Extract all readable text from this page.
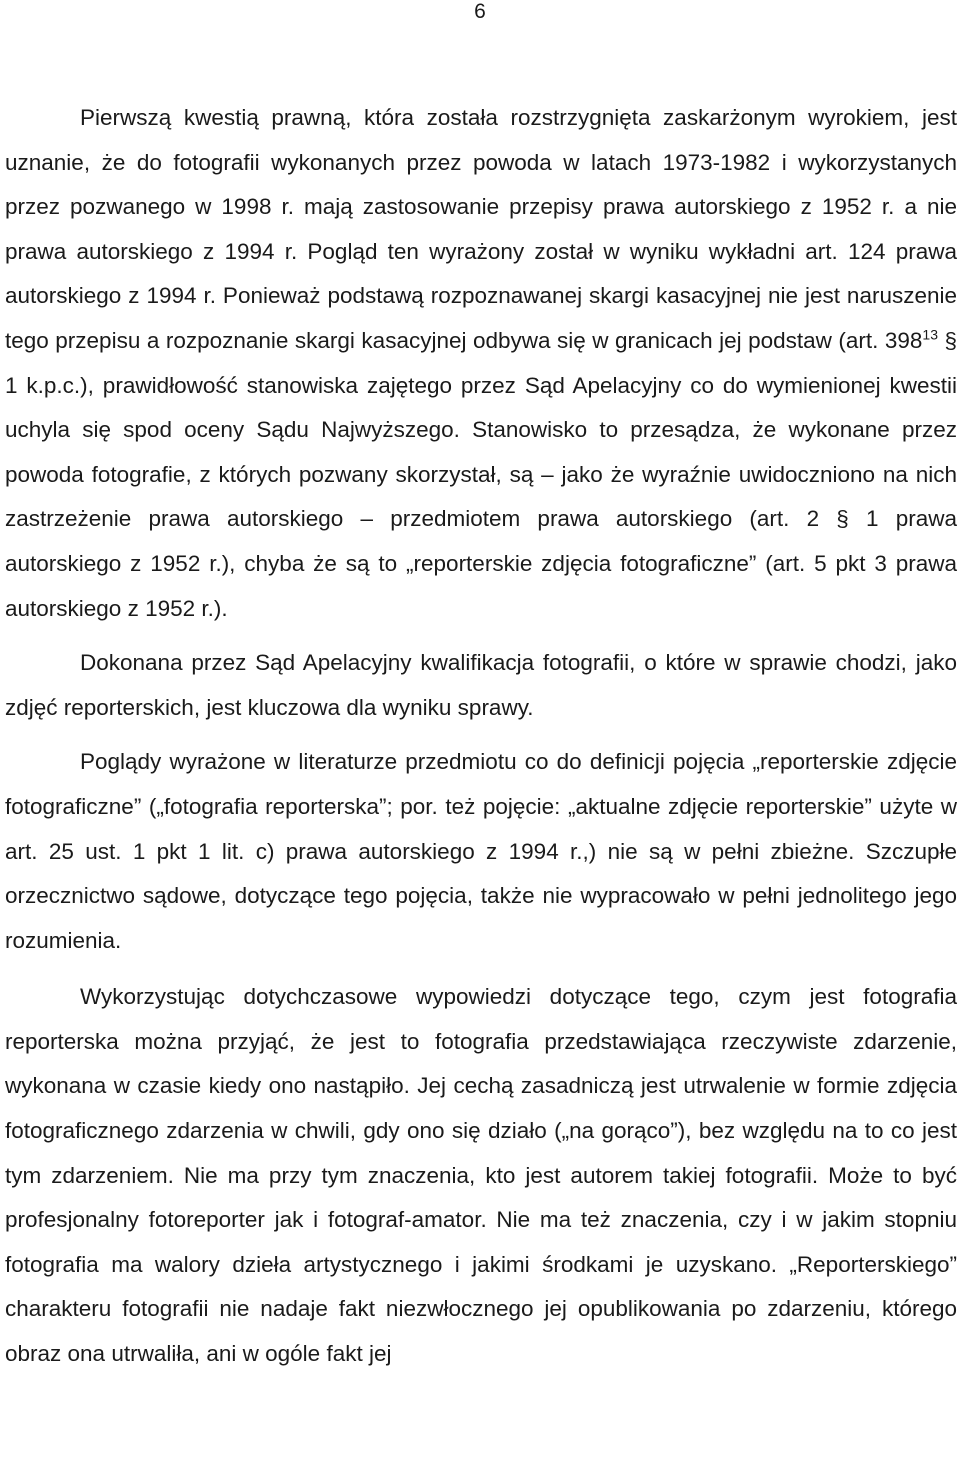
6

Pierwszą kwestią prawną, która została rozstrzygnięta zaskarżonym wyrokiem, jest uznanie, że do fotografii wykonanych przez powoda w latach 1973-1982 i wykorzystanych przez pozwanego w 1998 r. mają zastosowanie przepisy prawa autorskiego z 1952 r. a nie prawa autorskiego z 1994 r. Pogląd ten wyrażony został w wyniku wykładni art. 124 prawa autorskiego z 1994 r. Ponieważ podstawą rozpoznawanej skargi kasacyjnej nie jest naruszenie tego przepisu a rozpoznanie skargi kasacyjnej odbywa się w granicach jej podstaw (art. $398^{13}$ § 1 k.p.c.), prawidłowość stanowiska zajętego przez Sąd Apelacyjny co do wymienionej kwestii uchyla się spod oceny Sądu Najwyższego. Stanowisko to przesądza, że wykonane przez powoda fotografie, z których pozwany skorzystał, są – jako że wyraźnie uwidoczniono na nich zastrzeżenie prawa autorskiego – przedmiotem prawa autorskiego (art. 2 § 1 prawa autorskiego z 1952 r.), chyba że są to „reporterskie zdjęcia fotograficzne” (art. 5 pkt 3 prawa autorskiego z 1952 r.).

Dokonana przez Sąd Apelacyjny kwalifikacja fotografii, o które w sprawie chodzi, jako zdjęć reporterskich, jest kluczowa dla wyniku sprawy.

Poglądy wyrażone w literaturze przedmiotu co do definicji pojęcia „reporterskie zdjęcie fotograficzne” („fotografia reporterska”; por. też pojęcie: „aktualne zdjęcie reporterskie” użyte w art. 25 ust. 1 pkt 1 lit. c) prawa autorskiego z 1994 r.,) nie są w pełni zbieżne. Szczupłe orzecznictwo sądowe, dotyczące tego pojęcia, także nie wypracowało w pełni jednolitego jego rozumienia.

Wykorzystując dotychczasowe wypowiedzi dotyczące tego, czym jest fotografia reporterska można przyjąć, że jest to fotografia przedstawiająca rzeczywiste zdarzenie, wykonana w czasie kiedy ono nastąpiło. Jej cechą zasadniczą jest utrwalenie w formie zdjęcia fotograficznego zdarzenia w chwili, gdy ono się działo („na gorąco”), bez względu na to co jest tym zdarzeniem. Nie ma przy tym znaczenia, kto jest autorem takiej fotografii. Może to być profesjonalny fotoreporter jak i fotograf-amator. Nie ma też znaczenia, czy i w jakim stopniu fotografia ma walory dzieła artystycznego i jakimi środkami je uzyskano. „Reporterskiego” charakteru fotografii nie nadaje fakt niezwłocznego jej opublikowania po zdarzeniu, którego obraz ona utrwaliła, ani w ogóle fakt jej
